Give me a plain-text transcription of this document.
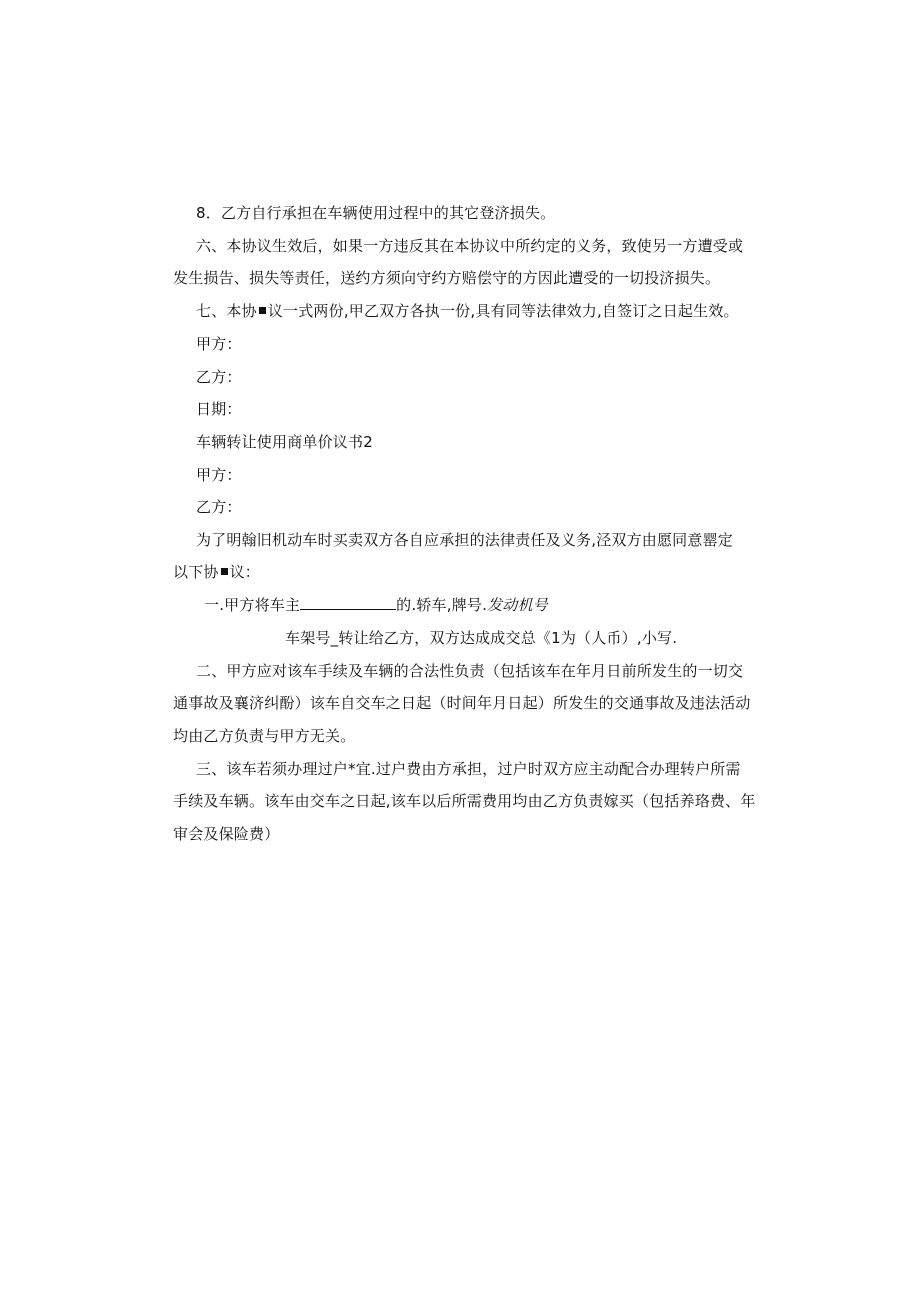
8．乙方自行承担在车辆使用过程中的其它登济损失。
六、本协议生效后，如果一方违反其在本协议中所约定的义务，致使另一方遭受或
发生损告、损失等责任，送约方须向守约方赔偿守的方因此遭受的一切投济损失。
七、本协 议一式两份,甲乙双方各执一份,具有同等法律效力,自签订之日起生效。
甲方：
乙方：
日期：
车辆转让使用商单价议书2
甲方：
乙方：
为了明翰旧机动车时买卖双方各自应承担的法律责任及义务,泾双方由愿同意罂定
以下协 议：
一.甲方将车主	的.轿车,牌号.发动机号
车架号_转让给乙方，双方达成成交总《1为（人币）,小写.
二、甲方应对该车手续及车辆的合法性负责（包括该车在年月日前所发生的一切交
通事故及襄济纠酚）该车自交车之日起（时间年月日起）所发生的交通事故及违法活动
均由乙方负责与甲方无关。
三、该车若须办理过户*宜.过户费由方承担，过户时双方应主动配合办理转户所需
手续及车辆。该车由交车之日起,该车以后所需费用均由乙方负责嫁买（包括养珞费、年
审会及保险费）
